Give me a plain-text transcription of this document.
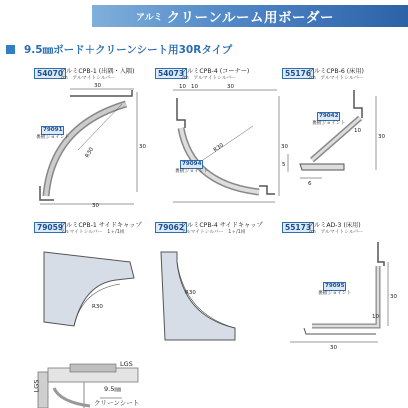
アルミ クリーンルーム用ボーダー
9.5㎜ボード＋クリーンシート用30Rタイプ
54070
アルミCPB-1 (出隅・入隅)
2m　アルマイトシルバー
30
30
30
R30
79091
裏板ジョイント
54073
アルミCPB-4 (コーナー)
2m　アルマイトシルバー
10 10	30
30
R30
79094
裏板ジョイント
55176
アルミCPB-6 (床用)
2m　アルマイトシルバー
10
30
6
5
79042
裏板ジョイント
79059
アルミCPB-1 サイドキャップ
アルマイトシルバー　1ヶ/1組
R30
79062
アルミCPB-4 サイドキャップ
アルマイトシルバー　1ヶ/1組
R30
55173
アルミAD-3 (床用)
2m　アルマイトシルバー
10
30
30
79095
裏板ジョイント
LGS
LGS	9.5㎜
クリーンシート
